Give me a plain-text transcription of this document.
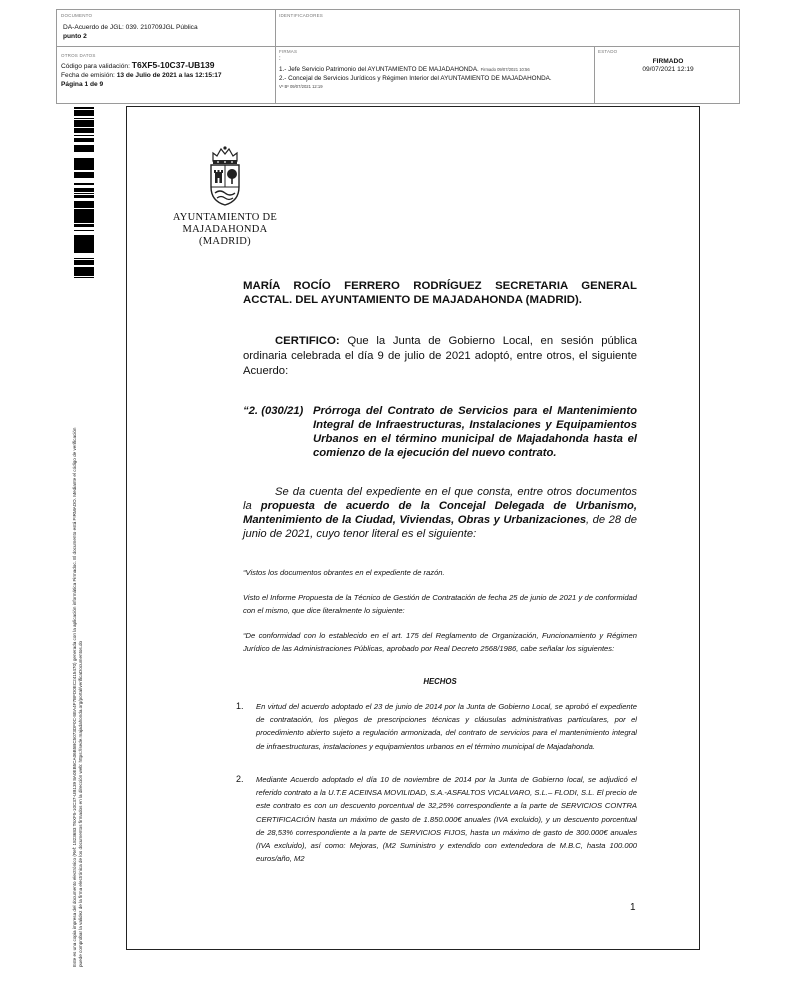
DOCUMENTO
DA-Acuerdo de JGL: 039. 210709JGL Pública
punto 2
IDENTIFICADORES
OTROS DATOS
Código para validación: T6XF5-10C37-UB139
Fecha de emisión: 13 de Julio de 2021 a las 12:15:17
Página 1 de 9
FIRMAS
:
1.- Jefe Servicio Patrimonio del AYUNTAMIENTO DE MAJADAHONDA. Firmado 09/07/2021 10:56
2.- Concejal de Servicios Jurídicos y Régimen Interior del AYUNTAMIENTO DE MAJADAHONDA.
Vº Bº 09/07/2021 12:19
ESTADO
FIRMADO
09/07/2021 12:19
Este es una copia impresa del documento electrónico (Ref: 1823683 T6XF5-10C37-UB139 8A0EB5CA06B5BC5073DF0C-8EA4F7BFD0EC2415470) generada con la aplicación informática Firmadoc. El documento está FIRMADO. Mediante el código de verificación puede comprobar la validez de la firma electrónica de los documentos firmados en la dirección web: https://sede.majadahonda.org/portal/verificaDocumentos.do
AYUNTAMIENTO DE
MAJADAHONDA
(MADRID)
MARÍA ROCÍO FERRERO RODRÍGUEZ SECRETARIA GENERAL ACCTAL. DEL AYUNTAMIENTO DE MAJADAHONDA (MADRID).
CERTIFICO: Que la Junta de Gobierno Local, en sesión pública ordinaria celebrada el día 9 de julio de 2021 adoptó, entre otros, el siguiente Acuerdo:
“2. (030/21) Prórroga del Contrato de Servicios para el Mantenimiento Integral de Infraestructuras, Instalaciones y Equipamientos Urbanos en el término municipal de Majadahonda hasta el comienzo de la ejecución del nuevo contrato.
Se da cuenta del expediente en el que consta, entre otros documentos la propuesta de acuerdo de la Concejal Delegada de Urbanismo, Mantenimiento de la Ciudad, Viviendas, Obras y Urbanizaciones, de 28 de junio de 2021, cuyo tenor literal es el siguiente:
“Vistos los documentos obrantes en el expediente de razón.
Visto el Informe Propuesta de la Técnico de Gestión de Contratación de fecha 25 de junio de 2021 y de conformidad con el mismo, que dice literalmente lo siguiente:
“De conformidad con lo establecido en el art. 175 del Reglamento de Organización, Funcionamiento y Régimen Jurídico de las Administraciones Públicas, aprobado por Real Decreto 2568/1986, cabe señalar los siguientes:
HECHOS
1.	En virtud del acuerdo adoptado el 23 de junio de 2014 por la Junta de Gobierno Local, se aprobó el expediente de contratación, los pliegos de prescripciones técnicas y cláusulas administrativas particulares, por el procedimiento abierto sujeto a regulación armonizada, del contrato de servicios para el mantenimiento integral de infraestructuras, instalaciones y equipamientos urbanos en el término municipal de Majadahonda.
2.	Mediante Acuerdo adoptado el día 10 de noviembre de 2014 por la Junta de Gobierno local, se adjudicó el referido contrato a la U.T.E ACEINSA MOVILIDAD, S.A.-ASFALTOS VICALVARO, S.L.– FLODI, S.L. El precio de este contrato es con un descuento porcentual de 32,25% correspondiente a la parte de SERVICIOS CONTRA CERTIFICACIÓN hasta un máximo de gasto de 1.850.000€ anuales (IVA excluido), y un descuento porcentual de 28,53% correspondiente a la parte de SERVICIOS FIJOS, hasta un máximo de gasto de 300.000€ anuales (IVA excluido), así como: Mejoras, (M2 Suministro y extendido con extendedora de M.B.C, hasta 100.000 euros/año, M2
1
